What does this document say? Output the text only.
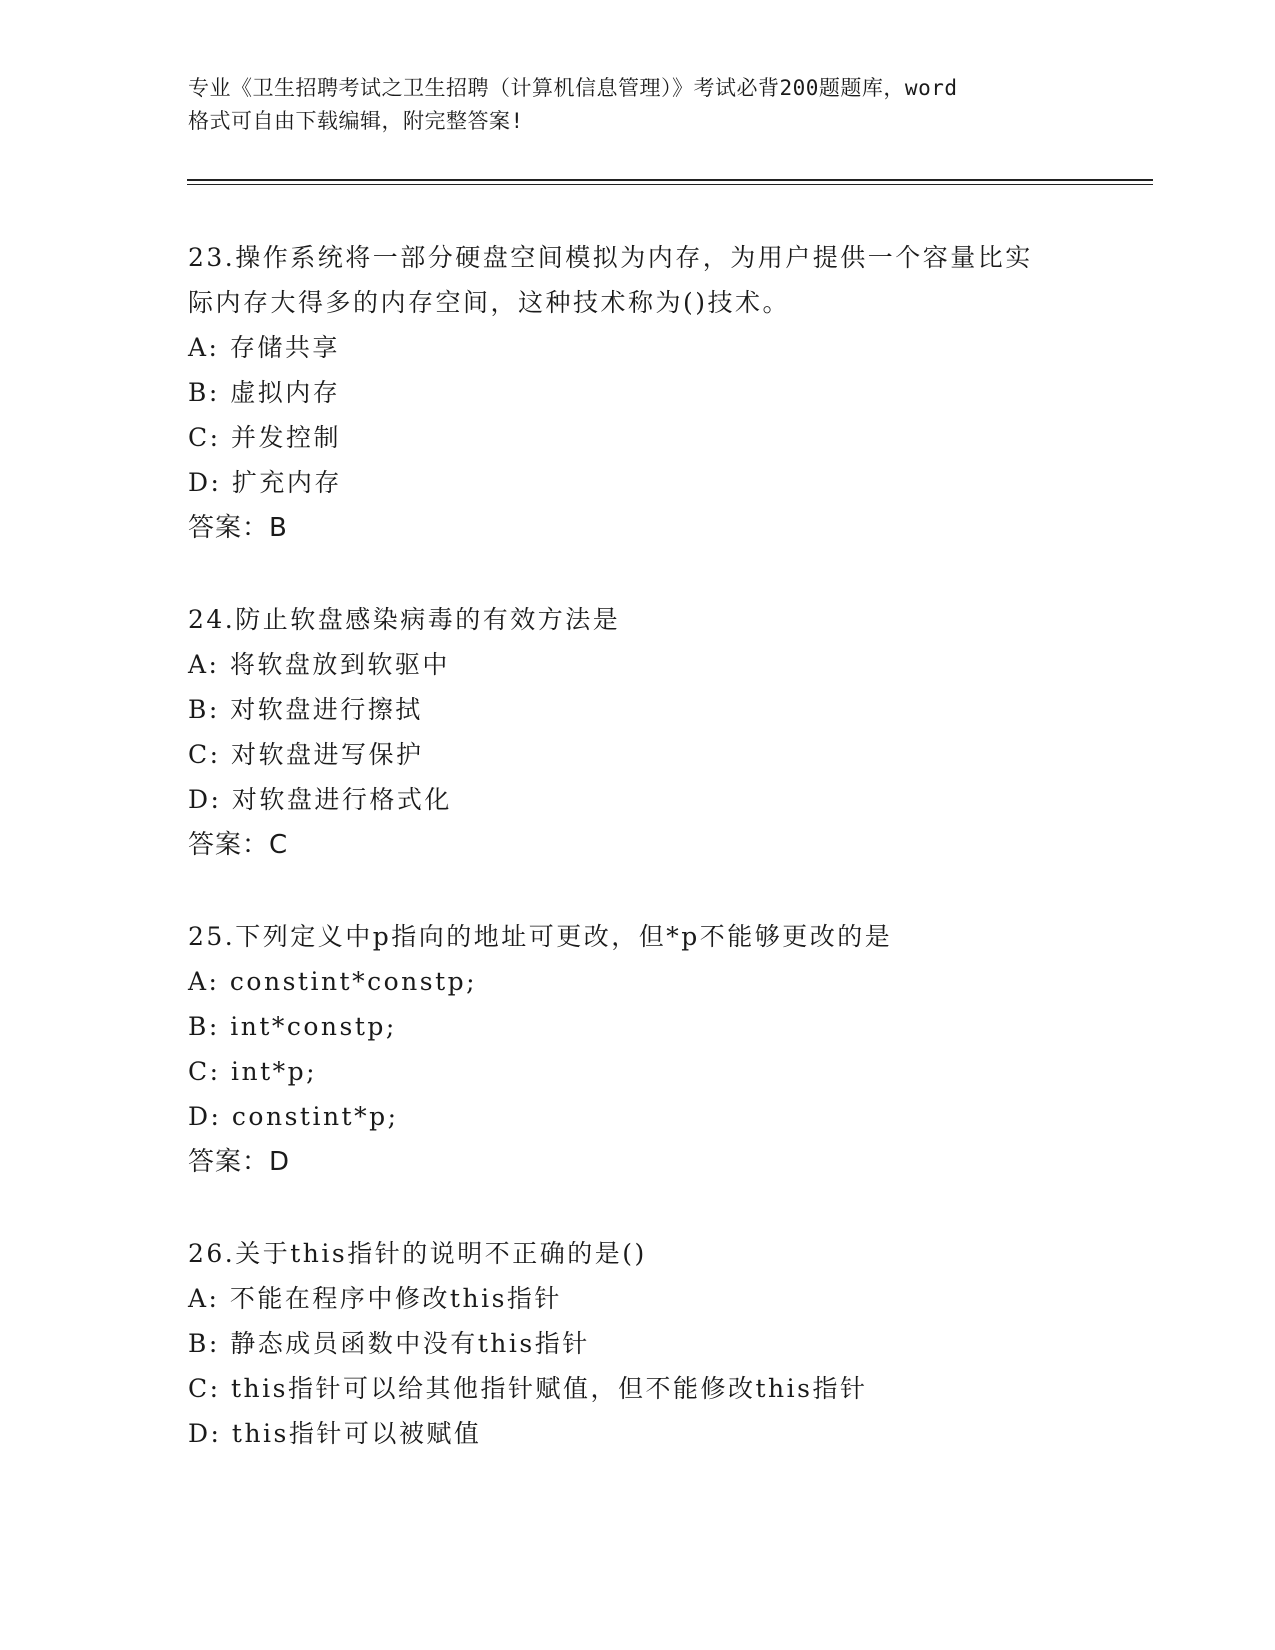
专业《卫生招聘考试之卫生招聘（计算机信息管理）》考试必背200题题库，word
格式可自由下载编辑，附完整答案!
23.操作系统将一部分硬盘空间模拟为内存，为用户提供一个容量比实
际内存大得多的内存空间，这种技术称为()技术。
A: 存储共享
B: 虚拟内存
C: 并发控制
D: 扩充内存
答案：B
24.防止软盘感染病毒的有效方法是
A: 将软盘放到软驱中
B: 对软盘进行擦拭
C: 对软盘进写保护
D: 对软盘进行格式化
答案：C
25.下列定义中p指向的地址可更改，但*p不能够更改的是
A: constint*constp;
B: int*constp;
C: int*p;
D: constint*p;
答案：D
26.关于this指针的说明不正确的是()
A: 不能在程序中修改this指针
B: 静态成员函数中没有this指针
C: this指针可以给其他指针赋值，但不能修改this指针
D: this指针可以被赋值
